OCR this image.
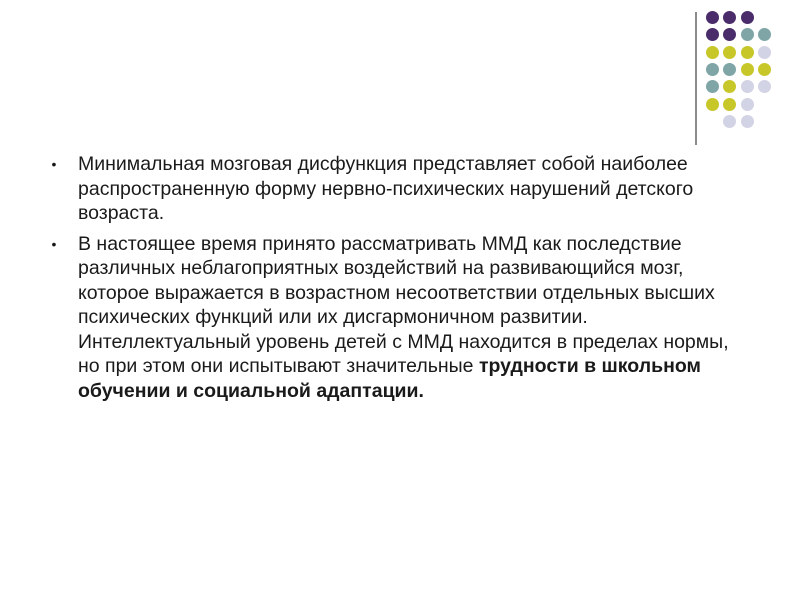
• Минимальная мозговая дисфункция представляет собой наиболее распространенную форму нервно-психических нарушений детского возраста.
• В настоящее время принято рассматривать ММД как последствие различных неблагоприятных воздействий на развивающийся мозг, которое выражается в возрастном несоответствии отдельных высших психических функций или их дисгармоничном развитии. Интеллектуальный уровень детей с ММД находится в пределах нормы, но при этом они испытывают значительные трудности в школьном обучении и социальной адаптации.
